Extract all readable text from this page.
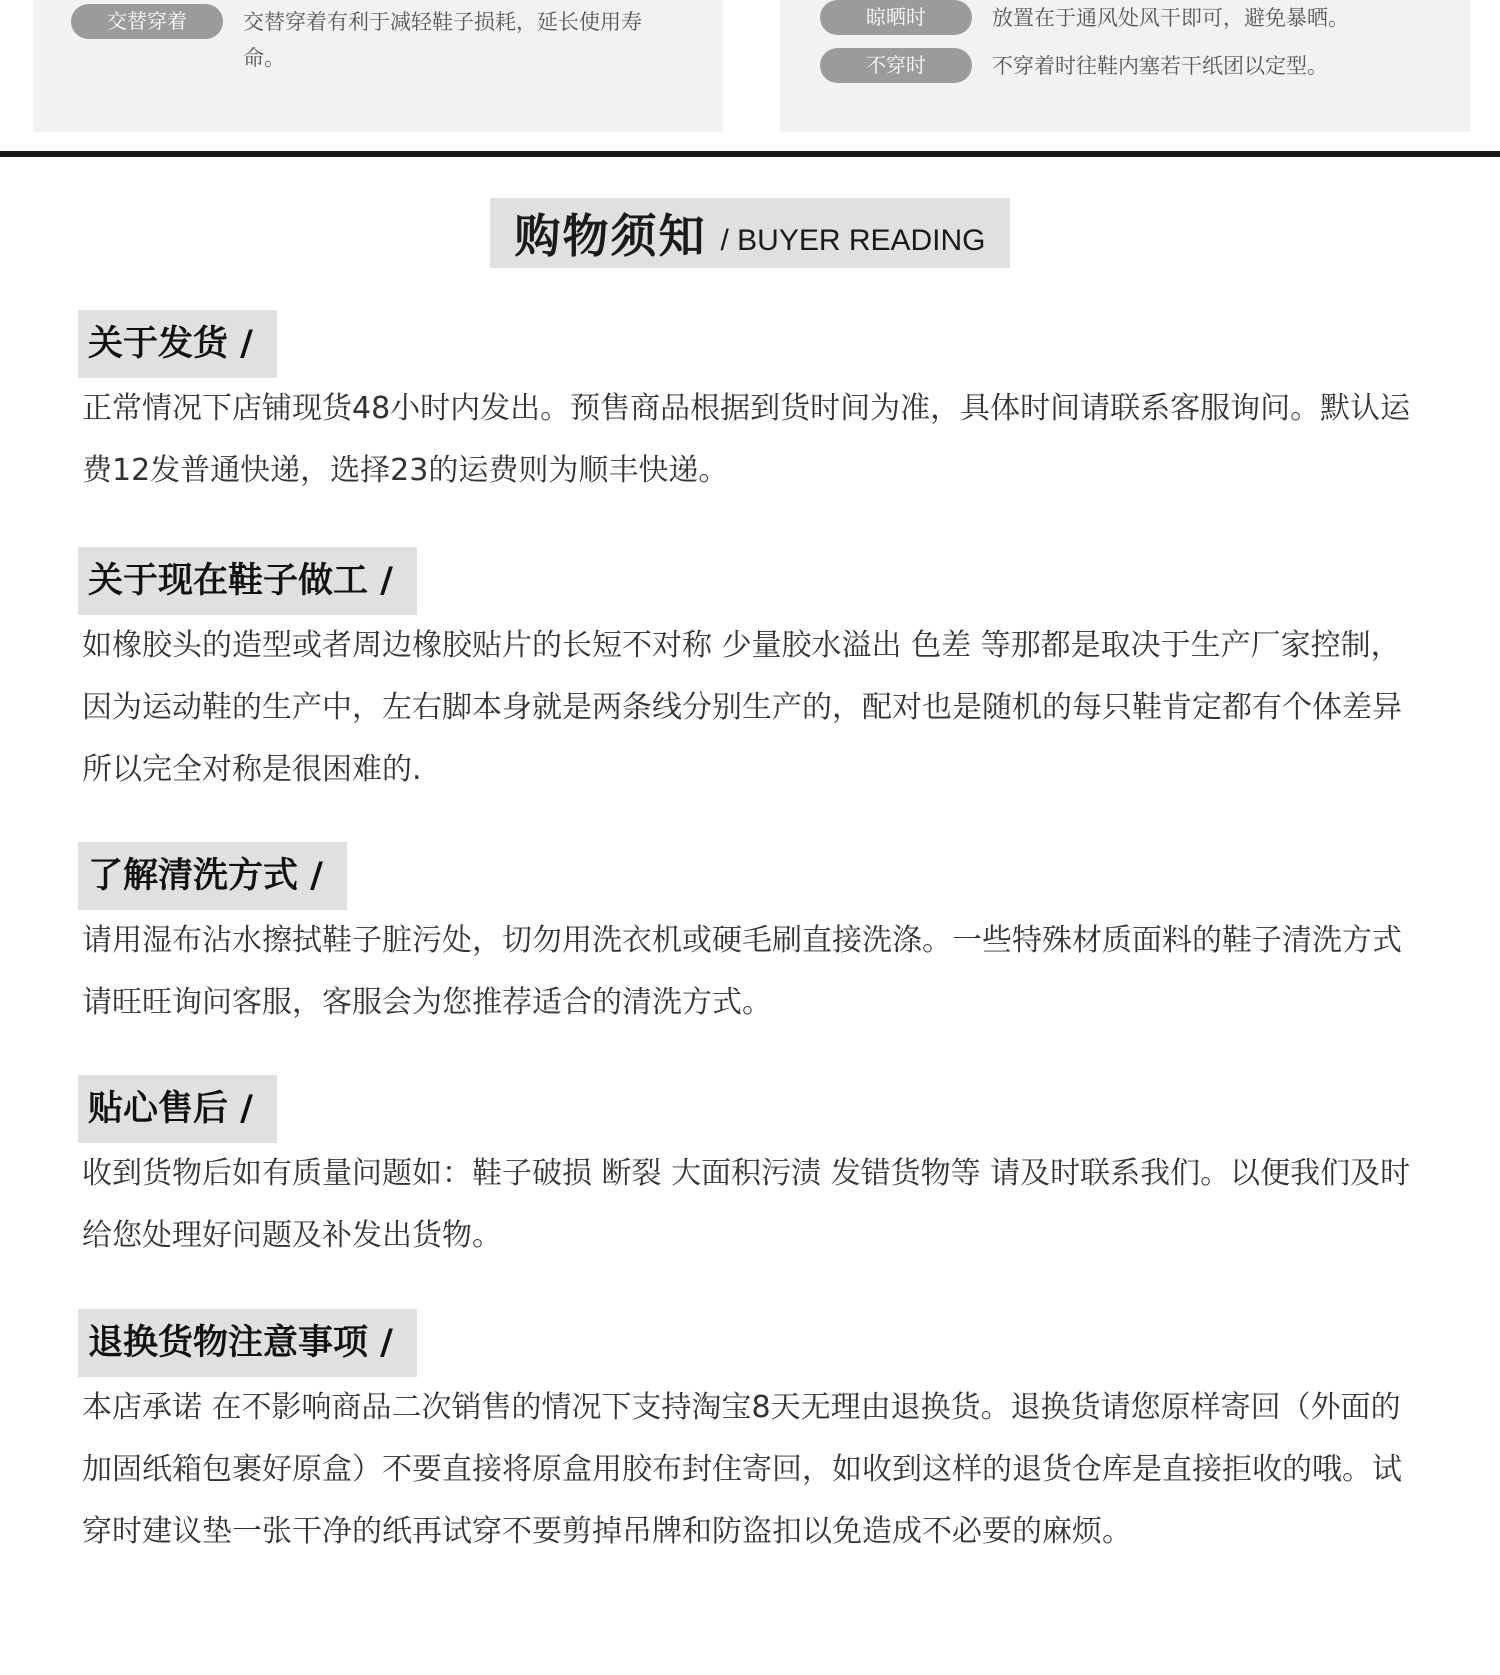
交替穿着	交替穿着有利于减轻鞋子损耗，延长使用寿命。
晾晒时	放置在于通风处风干即可，避免暴晒。
不穿时	不穿着时往鞋内塞若干纸团以定型。
购物须知 / BUYER READING
关于发货 /

正常情况下店铺现货48小时内发出。预售商品根据到货时间为准，具体时间请联系客服询问。默认运费12发普通快递，选择23的运费则为顺丰快递。

关于现在鞋子做工 /

如橡胶头的造型或者周边橡胶贴片的长短不对称 少量胶水溢出 色差 等那都是取决于生产厂家控制， 因为运动鞋的生产中，左右脚本身就是两条线分别生产的，配对也是随机的每只鞋肯定都有个体差异所以完全对称是很困难的.

了解清洗方式 /

请用湿布沾水擦拭鞋子脏污处，切勿用洗衣机或硬毛刷直接洗涤。一些特殊材质面料的鞋子清洗方式请旺旺询问客服，客服会为您推荐适合的清洗方式。

贴心售后 /

收到货物后如有质量问题如：鞋子破损 断裂 大面积污渍 发错货物等 请及时联系我们。以便我们及时给您处理好问题及补发出货物。

退换货物注意事项 /

本店承诺 在不影响商品二次销售的情况下支持淘宝8天无理由退换货。退换货请您原样寄回（外面的加固纸箱包裹好原盒）不要直接将原盒用胶布封住寄回，如收到这样的退货仓库是直接拒收的哦。试穿时建议垫一张干净的纸再试穿不要剪掉吊牌和防盗扣以免造成不必要的麻烦。
